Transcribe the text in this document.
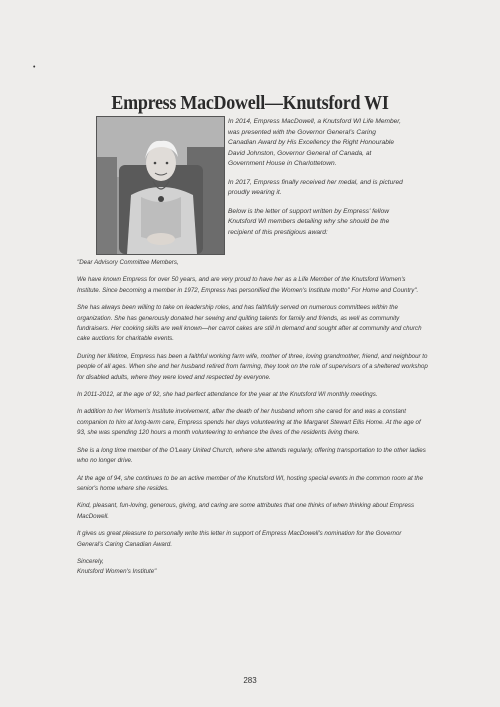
•
Empress MacDowell—Knutsford WI

In 2014, Empress MacDowell, a Knutsford WI Life Member, was presented with the Governor General's Caring Canadian Award by His Excellency the Right Honourable David Johnston, Governor General of Canada, at Government House in Charlottetown.

In 2017, Empress finally received her medal, and is pictured proudly wearing it.

Below is the letter of support written by Empress' fellow Knutsford WI members detailing why she should be the recipient of this prestigious award:

"Dear Advisory Committee Members,

We have known Empress for over 50 years, and are very proud to have her as a Life Member of the Knutsford Women's Institute. Since becoming a member in 1972, Empress has personified the Women's Institute motto" For Home and Country".

She has always been willing to take on leadership roles, and has faithfully served on numerous committees within the organization. She has generously donated her sewing and quilting talents for family and friends, as well as community fundraisers. Her cooking skills are well known—her carrot cakes are still in demand and sought after at community and church cake auctions for charitable events.

During her lifetime, Empress has been a faithful working farm wife, mother of three, loving grandmother, friend, and neighbour to people of all ages. When she and her husband retired from farming, they took on the role of supervisors of a sheltered workshop for disabled adults, where they were loved and respected by everyone.

In 2011-2012, at the age of 92, she had perfect attendance for the year at the Knutsford WI monthly meetings.

In addition to her Women's Institute involvement, after the death of her husband whom she cared for and was a constant companion to him at long-term care, Empress spends her days volunteering at the Margaret Stewart Ellis Home. At the age of 93, she was spending 120 hours a month volunteering to enhance the lives of the residents living there.

She is a long time member of the O'Leary United Church, where she attends regularly, offering transportation to the other ladies who no longer drive.

At the age of 94, she continues to be an active member of the Knutsford WI, hosting special events in the common room at the senior's home where she resides.

Kind, pleasant, fun-loving, generous, giving, and caring are some attributes that one thinks of when thinking about Empress MacDowell.

It gives us great pleasure to personally write this letter in support of Empress MacDowell's nomination for the Governor General's Caring Canadian Award.

Sincerely,
Knutsford Women's Institute"

283
